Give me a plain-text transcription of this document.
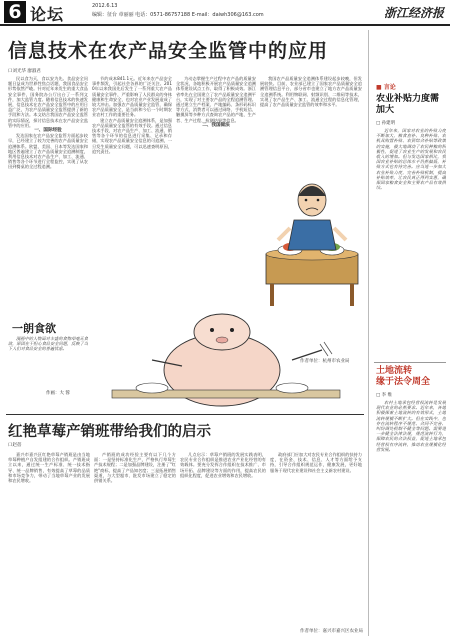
6 论坛	2012.6.13
编辑：征台 章丽丽 电话：0571-86757188 E-mail：daiwh306@163.com	浙江经济报
信息技术在农产品安全监管中的应用
口刘光华 廖淑君

民以食为天，食以安为先。食品安全问题日益成为世界性焦点话题，我国食品安全形势依然严峻。针对近年来发生的重大食品安全事件，国务院办公厅出台了一系列文件，加大监管力度。随着信息技术的快速发展，信息技术在农产品安全监管中的应用日益广泛，为农产品质量安全监管提供了新的手段和方法。本文结合我国农产品安全监管的实际情况，探讨信息技术在农产品安全监管中的应用。

一、国际经验

发达国家在农产品安全监管方面起步较早，已经建立了较为完善的农产品质量安全追溯体系。欧盟、美国、日本等发达国家和地区普遍建立了农产品质量安全追溯制度，利用信息技术对农产品生产、加工、流通、销售等各个环节进行全程监控，实现了从农田到餐桌的全过程追溯。

节约成本841.1元。近年来农产品安全事件频发，引起社会各界的广泛关注。2010年以来我国先后发生了一系列重大农产品质量安全事件，严重影响了人民群众的身体健康和生命安全，也对农业产业发展造成了较大冲击。加强农产品质量安全监管，确保农产品质量安全，是当前和今后一个时期农业农村工作的重要任务。

建立农产品质量安全追溯体系，是加强农产品质量安全监管的有效手段。通过信息技术手段，对农产品生产、加工、流通、销售等各个环节的信息进行采集、记录和存储，实现农产品质量安全信息的可追溯，一旦发生质量安全问题，可以迅速查明原因，追究责任。

为动态掌握生产过程中农产品的质量安全状况，各地积极开展农产品质量安全追溯体系建设试点工作，取得了积极成效。浙江省率先在全国建立了农产品质量安全追溯平台，实现了对主要农产品的全程追溯管理。通过建立生产档案、产地编码、条形码标识等方式，消费者可以通过网络、手机短信、触摸屏等多种方式查询农产品的产地、生产者、生产过程、检测结果等信息。

二、我国做法

我国农产品质量安全追溯体系建设起步较晚，但发展较快。目前，农业部已建立了国家农产品质量安全追溯管理信息平台，部分省市也建立了地方农产品质量安全追溯系统。利用物联网、射频识别、二维码等技术，实现了农产品生产、加工、流通全过程的信息化管理，提高了农产品质量安全监管的效率和水平。

一朗食欲

漫画中的人物面对丰盛的食物却毫无食欲，原因在于担心食品安全问题，反映了当下人们对食品安全的普遍忧虑。

作画：大 蓉
红艳草莓产销班带给我们的启示
口赵蓓

嘉兴市嘉兴区红艳草莓产销班是由当地草莓种植户自发组建的合作组织。产销班成立以来，通过统一生产标准、统一技术指导、统一品牌销售，有效提高了草莓的品质和市场竞争力，带动了当地草莓产业的发展和农民增收。

产销班的成功经验主要有以下几个方面：一是坚持标准化生产，严格执行草莓生产技术规程；二是加强品牌建设，注册了"红艳"商标，提高了产品知名度；三是拓展销售渠道，与大型超市、批发市场建立了稳定的供销关系。

几点启示：草莓产销班的发展实践表明，农民专业合作组织是推进农业产业化经营的有效载体。要充分发挥合作组织在技术推广、市场开拓、品牌建设等方面的作用，提高农民的组织化程度，促进农业增效和农民增收。

政府部门应加大对农民专业合作组织的扶持力度，在资金、技术、信息、人才等方面给予支持，引导合作组织规范运作，健康发展，更好地服务于现代农业建设和社会主义新农村建设。

作者单位：嘉兴市嘉兴区农业局
■ 言论
农业补贴力度需加大
□ 孙建明

近年来，国家对农业的补贴力度不断加大，粮食直补、良种补贴、农机具购置补贴、农资综合补贴等政策的实施，极大地调动了农民种粮的积极性，促进了农业生产的发展和农民收入的增加。但与发达国家相比，我国农业补贴的总体水平仍然偏低，补贴方式也有待完善。应当进一步加大农业补贴力度，完善补贴机制，提高补贴效率，让农民真正得到实惠，确保国家粮食安全和主要农产品有效供给。

土地流转
缘于法令周全
□ 李 维

农村土地承包经营权流转是发展现代农业的必然要求。近年来，各地积极探索土地流转的有效形式，土地流转规模不断扩大。但在实践中，也存在流转程序不规范、合同不完善、纠纷调处机制不健全等问题。需要进一步健全法律法规，规范流转行为，保障农民的合法权益，促进土地承包经营权有序流转，推动农业规模化经营发展。

作者单位：杭州市农业局
